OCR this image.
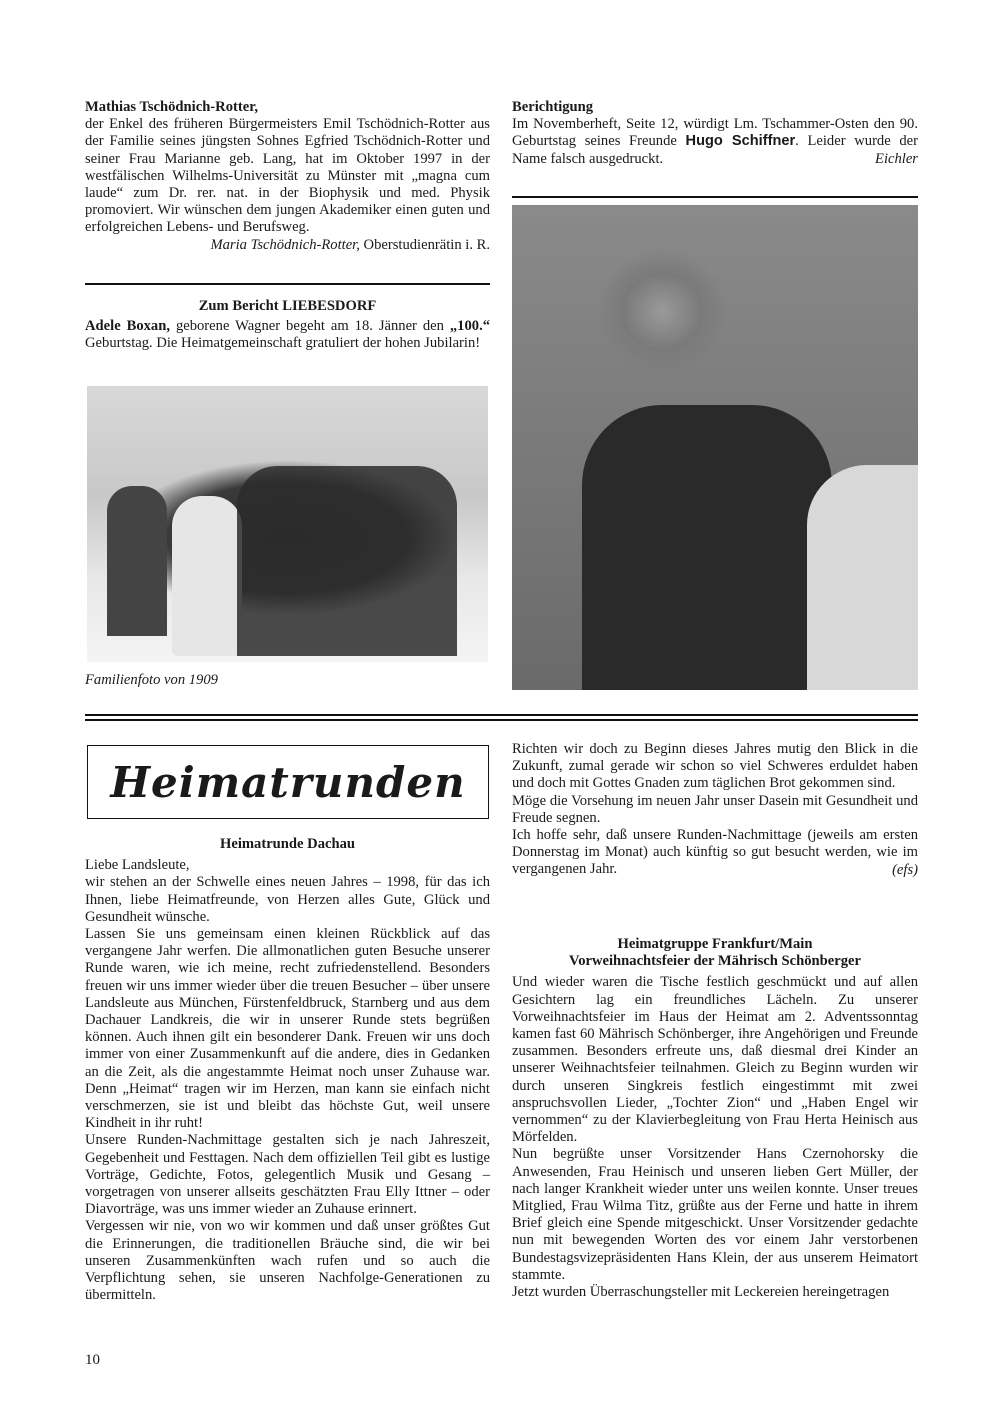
Mathias Tschödnich-Rotter,

der Enkel des früheren Bürgermeisters Emil Tschödnich-Rotter aus der Familie seines jüngsten Sohnes Egfried Tschödnich-Rotter und seiner Frau Marianne geb. Lang, hat im Oktober 1997 in der westfälischen Wilhelms-Universität zu Münster mit „magna cum laude“ zum Dr. rer. nat. in der Biophysik und med. Physik promoviert. Wir wünschen dem jungen Akademiker einen guten und erfolgreichen Lebens- und Berufsweg.

Maria Tschödnich-Rotter, Oberstudienrätin i. R.

Zum Bericht LIEBESDORF

Adele Boxan, geborene Wagner begeht am 18. Jänner den „100.“ Geburtstag. Die Heimatgemeinschaft gratuliert der hohen Jubilarin!

Familienfoto von 1909

Berichtigung

Im Novemberheft, Seite 12, würdigt Lm. Tschammer-Osten den 90. Geburtstag seines Freunde Hugo Schiffner. Leider wurde der Name falsch ausgedruckt.	Eichler

Heimatrunden

Heimatrunde Dachau

Liebe Landsleute,

wir stehen an der Schwelle eines neuen Jahres – 1998, für das ich Ihnen, liebe Heimatfreunde, von Herzen alles Gute, Glück und Gesundheit wünsche.

Lassen Sie uns gemeinsam einen kleinen Rückblick auf das vergangene Jahr werfen. Die allmonatlichen guten Besuche unserer Runde waren, wie ich meine, recht zufriedenstellend. Besonders freuen wir uns immer wieder über die treuen Besucher – über unsere Landsleute aus München, Fürstenfeldbruck, Starnberg und aus dem Dachauer Landkreis, die wir in unserer Runde stets begrüßen können. Auch ihnen gilt ein besonderer Dank. Freuen wir uns doch immer von einer Zusammenkunft auf die andere, dies in Gedanken an die Zeit, als die angestammte Heimat noch unser Zuhause war. Denn „Heimat“ tragen wir im Herzen, man kann sie einfach nicht verschmerzen, sie ist und bleibt das höchste Gut, weil unsere Kindheit in ihr ruht!

Unsere Runden-Nachmittage gestalten sich je nach Jahreszeit, Gegebenheit und Festtagen. Nach dem offiziellen Teil gibt es lustige Vorträge, Gedichte, Fotos, gelegentlich Musik und Gesang – vorgetragen von unserer allseits geschätzten Frau Elly Ittner – oder Diavorträge, was uns immer wieder an Zuhause erinnert.

Vergessen wir nie, von wo wir kommen und daß unser größtes Gut die Erinnerungen, die traditionellen Bräuche sind, die wir bei unseren Zusammenkünften wach rufen und so auch die Verpflichtung sehen, sie unseren Nachfolge-Generationen zu übermitteln.

Richten wir doch zu Beginn dieses Jahres mutig den Blick in die Zukunft, zumal gerade wir schon so viel Schweres erduldet haben und doch mit Gottes Gnaden zum täglichen Brot gekommen sind.

Möge die Vorsehung im neuen Jahr unser Dasein mit Gesundheit und Freude segnen.

Ich hoffe sehr, daß unsere Runden-Nachmittage (jeweils am ersten Donnerstag im Monat) auch künftig so gut besucht werden, wie im vergangenen Jahr.	(efs)

Heimatgruppe Frankfurt/Main

Vorweihnachtsfeier der Mährisch Schönberger

Und wieder waren die Tische festlich geschmückt und auf allen Gesichtern lag ein freundliches Lächeln. Zu unserer Vorweihnachtsfeier im Haus der Heimat am 2. Adventssonntag kamen fast 60 Mährisch Schönberger, ihre Angehörigen und Freunde zusammen. Besonders erfreute uns, daß diesmal drei Kinder an unserer Weihnachtsfeier teilnahmen. Gleich zu Beginn wurden wir durch unseren Singkreis festlich eingestimmt mit zwei anspruchsvollen Lieder, „Tochter Zion“ und „Haben Engel wir vernommen“ zu der Klavierbegleitung von Frau Herta Heinisch aus Mörfelden.

Nun begrüßte unser Vorsitzender Hans Czernohorsky die Anwesenden, Frau Heinisch und unseren lieben Gert Müller, der nach langer Krankheit wieder unter uns weilen konnte. Unser treues Mitglied, Frau Wilma Titz, grüßte aus der Ferne und hatte in ihrem Brief gleich eine Spende mitgeschickt. Unser Vorsitzender gedachte nun mit bewegenden Worten des vor einem Jahr verstorbenen Bundestagsvizepräsidenten Hans Klein, der aus unserem Heimatort stammte.

Jetzt wurden Überraschungsteller mit Leckereien hereingetragen

10
